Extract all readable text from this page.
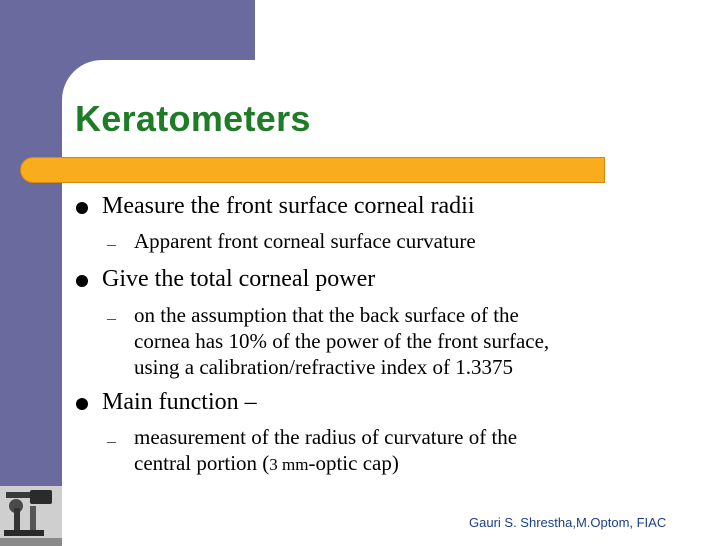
Keratometers
Measure the front surface corneal radii
– Apparent front corneal surface curvature
Give the total corneal power
– on the assumption that the back surface of the
cornea has 10% of the power of the front surface,
using a calibration/refractive index of 1.3375
Main function –
– measurement of the radius of curvature of the
central portion (3 mm-optic cap)
Gauri S. Shrestha,M.Optom, FIAC
